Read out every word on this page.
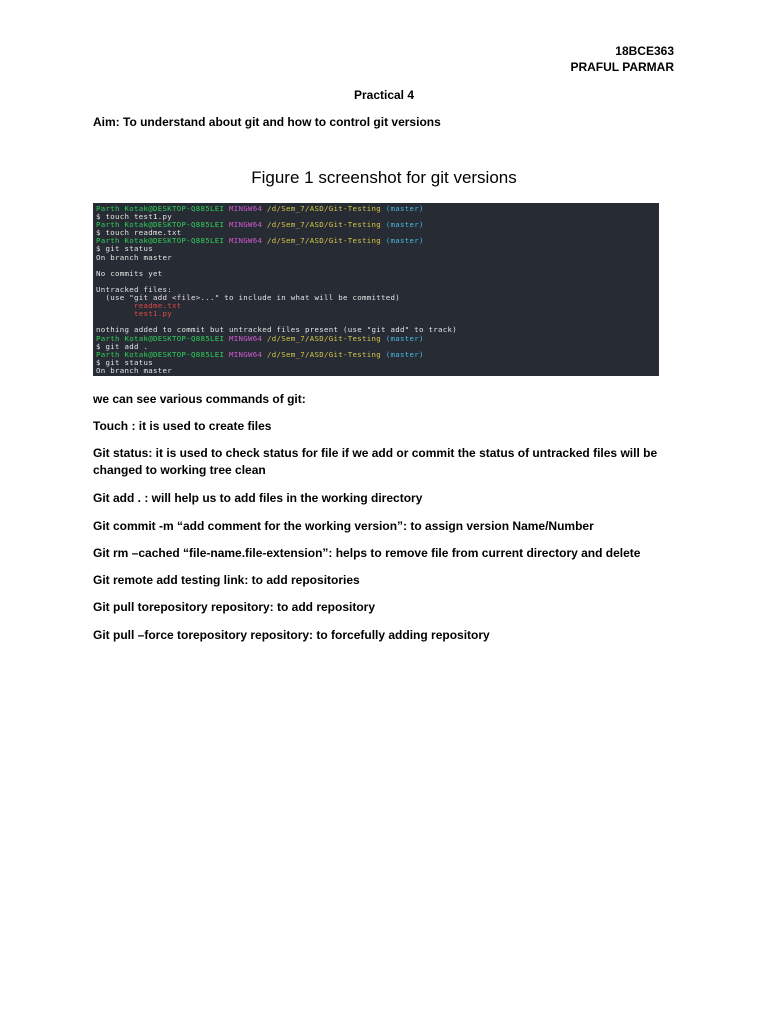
18BCE363
PRAFUL PARMAR
Practical 4
Aim: To understand about git and how to control git versions
Figure 1 screenshot for git versions
Parth Kotak@DESKTOP-Q885LEI MINGW64 /d/Sem_7/ASD/Git-Testing (master)
$ touch test1.py
Parth Kotak@DESKTOP-Q885LEI MINGW64 /d/Sem_7/ASD/Git-Testing (master)
$ touch readme.txt
Parth Kotak@DESKTOP-Q885LEI MINGW64 /d/Sem_7/ASD/Git-Testing (master)
$ git status
On branch master
No commits yet
Untracked files:
(use "git add <file>..." to include in what will be committed)
readme.txt
test1.py
nothing added to commit but untracked files present (use "git add" to track)
Parth Kotak@DESKTOP-Q885LEI MINGW64 /d/Sem_7/ASD/Git-Testing (master)
$ git add .
Parth Kotak@DESKTOP-Q885LEI MINGW64 /d/Sem_7/ASD/Git-Testing (master)
$ git status
On branch master

we can see various commands of git:
Touch : it is used to create files
Git status: it is used to check status for file if we add or commit the status of untracked files will be changed to working tree clean
Git add . : will help us to add files in the working directory
Git commit -m “add comment for the working version”: to assign version Name/Number
Git rm –cached “file-name.file-extension”: helps to remove file from current directory and delete
Git remote add testing link: to add repositories
Git pull torepository repository: to add repository
Git pull –force torepository repository: to forcefully adding repository
